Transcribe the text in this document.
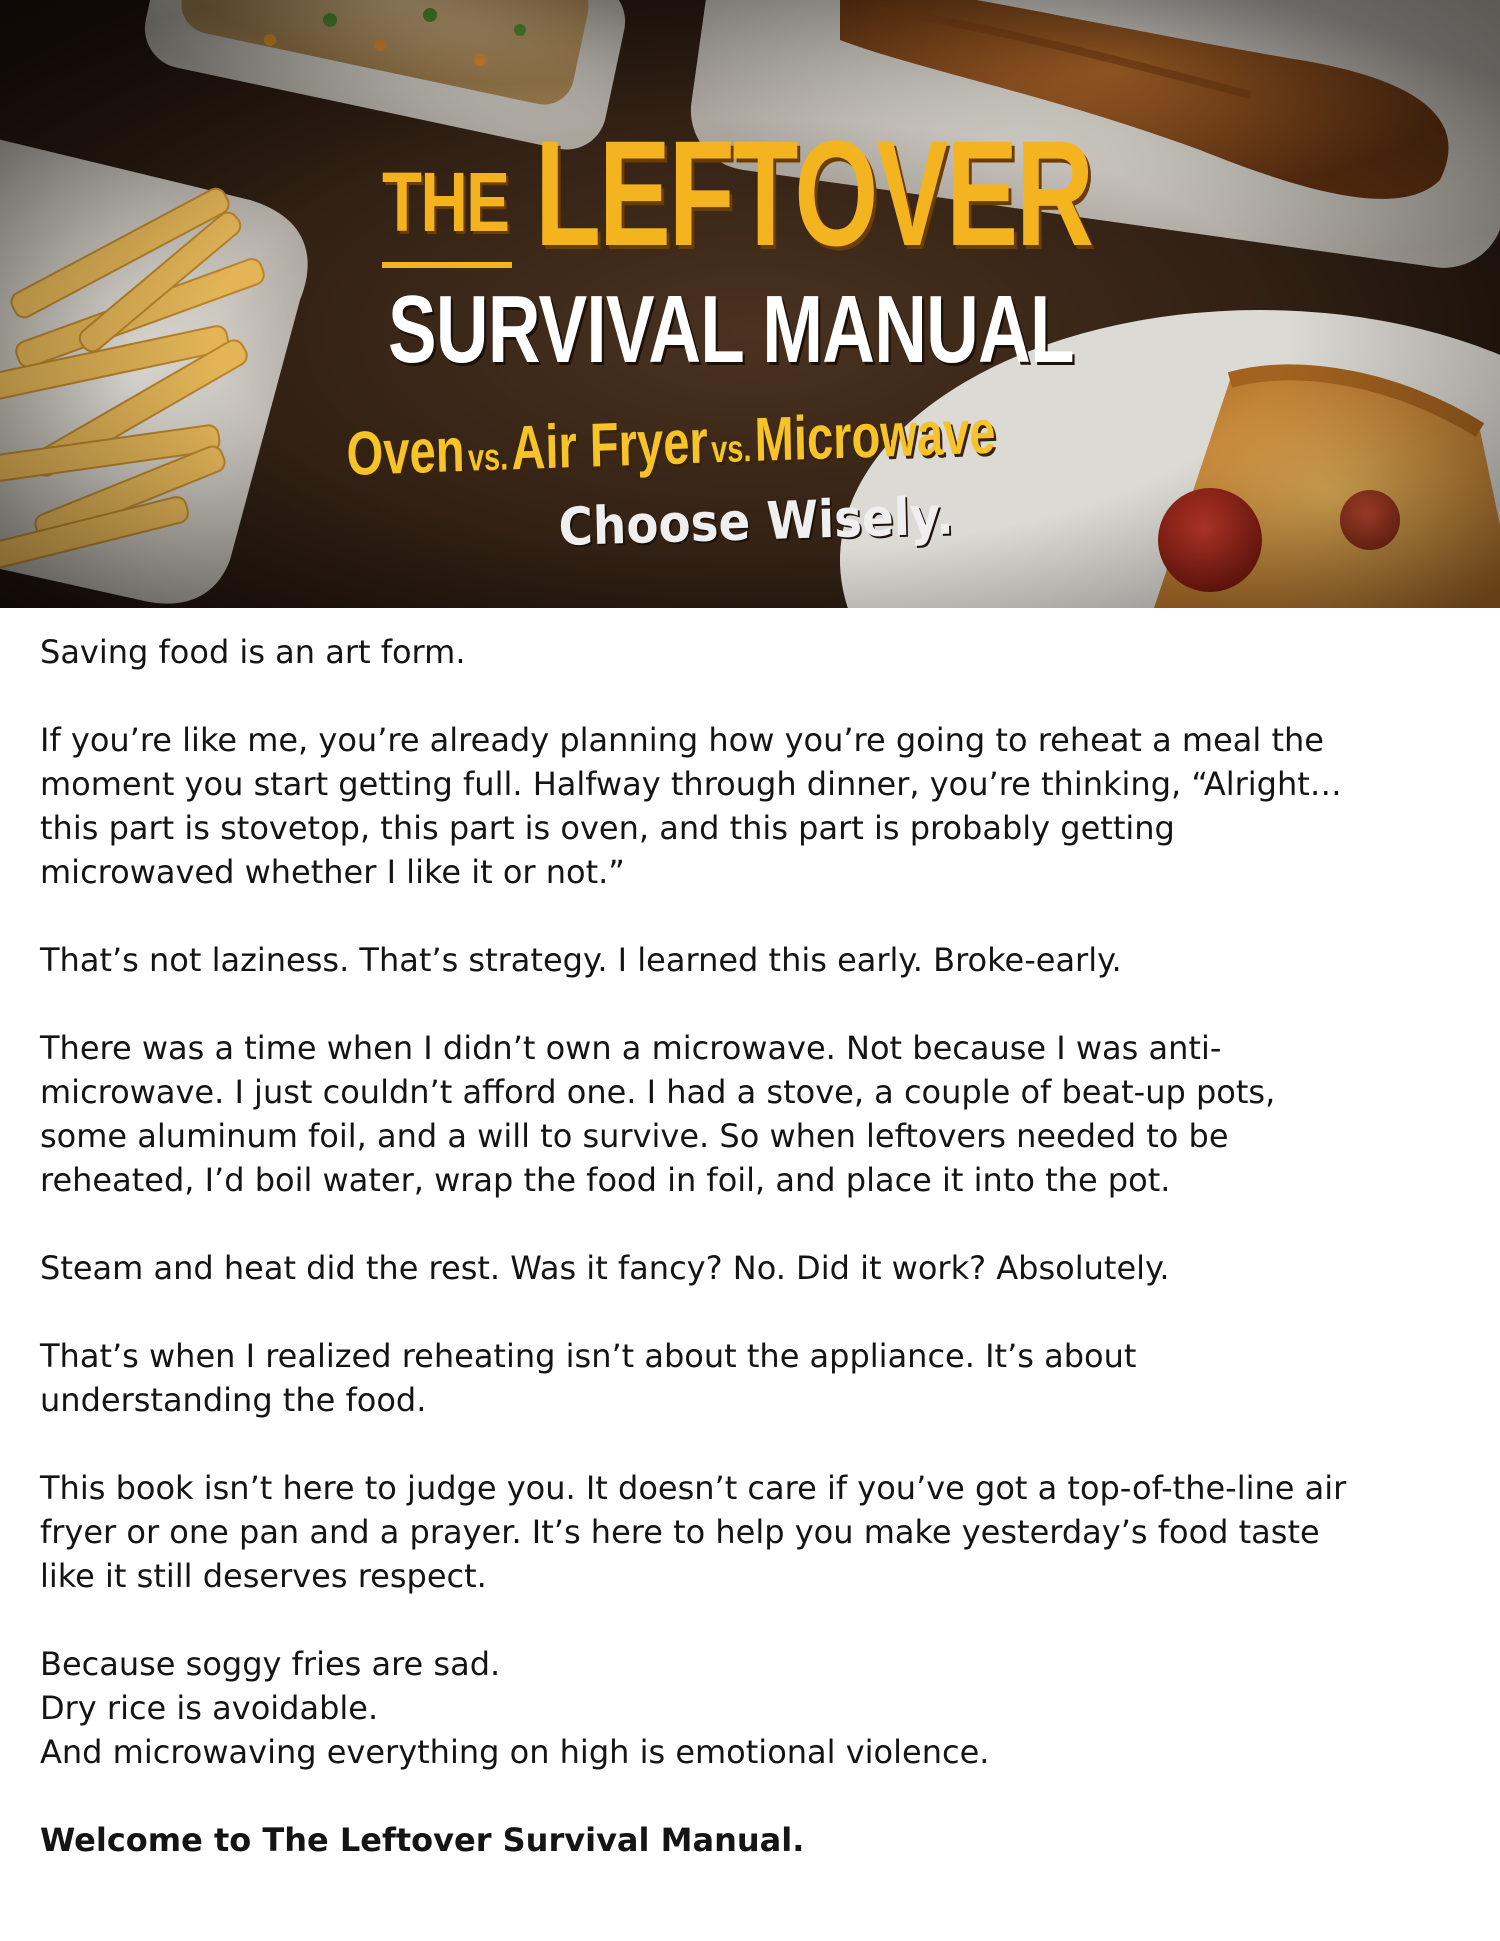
THE LEFTOVER
SURVIVAL MANUAL
Oven vs. Air Fryer vs. Microwave
Choose Wisely.

Saving food is an art form.

If you’re like me, you’re already planning how you’re going to reheat a meal the
moment you start getting full. Halfway through dinner, you’re thinking, “Alright…
this part is stovetop, this part is oven, and this part is probably getting
microwaved whether I like it or not.”

That’s not laziness. That’s strategy. I learned this early. Broke-early.

There was a time when I didn’t own a microwave. Not because I was anti-
microwave. I just couldn’t afford one. I had a stove, a couple of beat-up pots,
some aluminum foil, and a will to survive. So when leftovers needed to be
reheated, I’d boil water, wrap the food in foil, and place it into the pot.

Steam and heat did the rest. Was it fancy? No. Did it work? Absolutely.

That’s when I realized reheating isn’t about the appliance. It’s about
understanding the food.

This book isn’t here to judge you. It doesn’t care if you’ve got a top-of-the-line air
fryer or one pan and a prayer. It’s here to help you make yesterday’s food taste
like it still deserves respect.

Because soggy fries are sad.
Dry rice is avoidable.
And microwaving everything on high is emotional violence.

Welcome to The Leftover Survival Manual.
